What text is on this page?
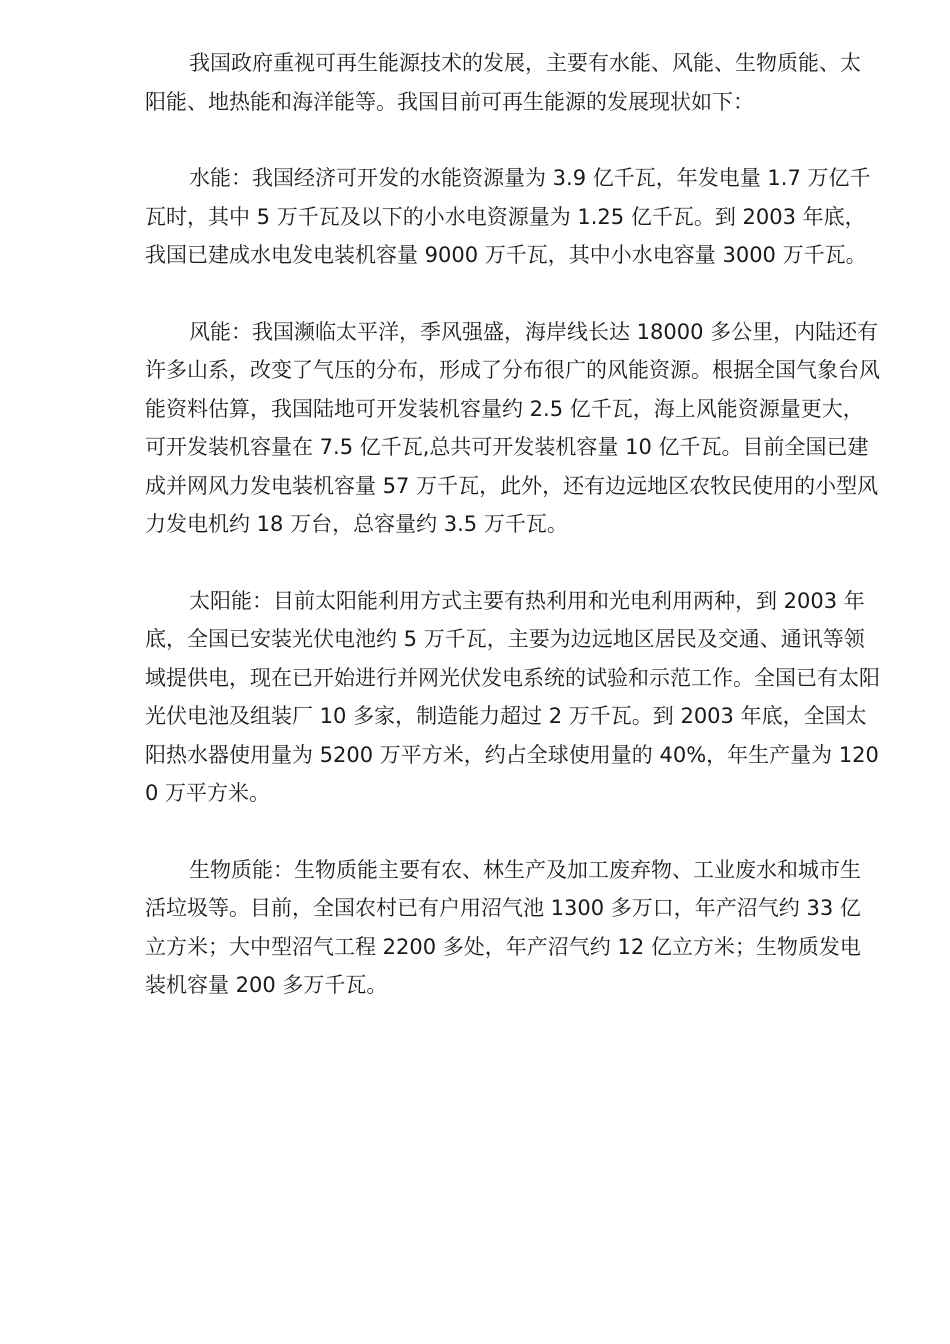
我国政府重视可再生能源技术的发展，主要有水能、风能、生物质能、太阳能、地热能和海洋能等。我国目前可再生能源的发展现状如下：

水能：我国经济可开发的水能资源量为 3.9 亿千瓦，年发电量 1.7 万亿千瓦时，其中 5 万千瓦及以下的小水电资源量为 1.25 亿千瓦。到 2003 年底，我国已建成水电发电装机容量 9000 万千瓦，其中小水电容量 3000 万千瓦。

风能：我国濒临太平洋，季风强盛，海岸线长达 18000 多公里，内陆还有许多山系，改变了气压的分布，形成了分布很广的风能资源。根据全国气象台风能资料估算，我国陆地可开发装机容量约 2.5 亿千瓦，海上风能资源量更大，可开发装机容量在 7.5 亿千瓦,总共可开发装机容量 10 亿千瓦。目前全国已建成并网风力发电装机容量 57 万千瓦，此外，还有边远地区农牧民使用的小型风力发电机约 18 万台，总容量约 3.5 万千瓦。

太阳能：目前太阳能利用方式主要有热利用和光电利用两种，到 2003 年底，全国已安装光伏电池约 5 万千瓦，主要为边远地区居民及交通、通讯等领域提供电，现在已开始进行并网光伏发电系统的试验和示范工作。全国已有太阳光伏电池及组装厂 10 多家，制造能力超过 2 万千瓦。到 2003 年底，全国太阳热水器使用量为 5200 万平方米，约占全球使用量的 40%，年生产量为 1200 万平方米。

生物质能：生物质能主要有农、林生产及加工废弃物、工业废水和城市生活垃圾等。目前，全国农村已有户用沼气池 1300 多万口，年产沼气约 33 亿立方米；大中型沼气工程 2200 多处，年产沼气约 12 亿立方米；生物质发电装机容量 200 多万千瓦。
